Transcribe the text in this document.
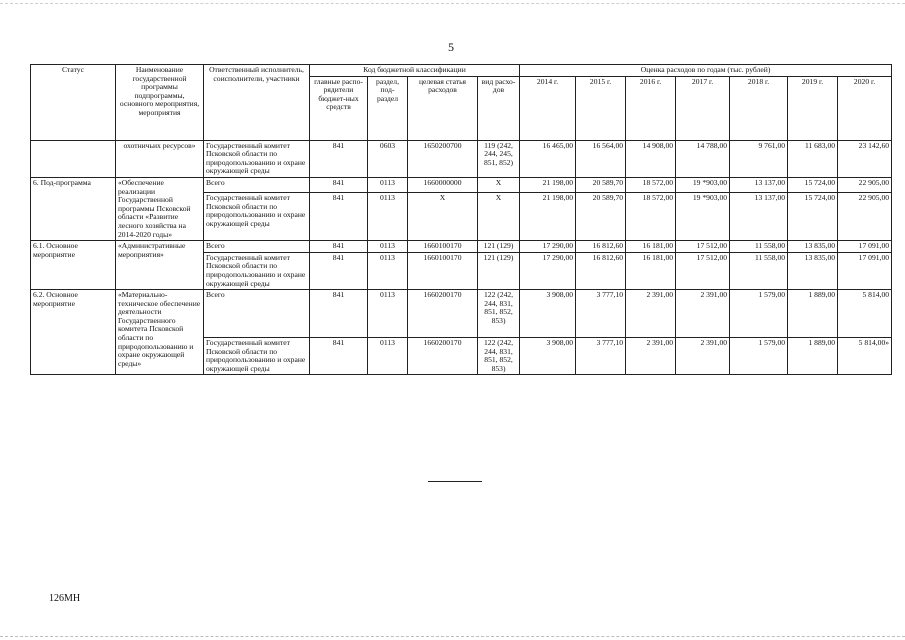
5
Статус	Наименование государственной программы подпрограммы, основного мероприятия, мероприятия	Ответственный исполнитель, соисполнители, участники	Код бюджетной классификации				Оценка расходов по годам (тыс. рублей)						
			главные распо-рядители бюджет-ных средств	раздел, под-раздел	целевая статья расходов	вид расхо-дов	2014 г.	2015 г.	2016 г.	2017 г.	2018 г.	2019 г.	2020 г.
	охотничьих ресурсов»	Государственный комитет Псковской области по природопользованию и охране окружающей среды	841	0603	1650200700	119 (242, 244, 245, 851, 852)	16 465,00	16 564,00	14 908,00	14 788,00	9 761,00	11 683,00	23 142,60
6. Под-программа	«Обеспечение реализации Государственной программы Псковской области «Развитие лесного хозяйства на 2014-2020 годы»	Всего	841	0113	1660000000	Х	21 198,00	20 589,70	18 572,00	19 *903,00	13 137,00	15 724,00	22 905,00
		Государственный комитет Псковской области по природопользованию и охране окружающей среды	841	0113	Х	Х	21 198,00	20 589,70	18 572,00	19 *903,00	13 137,00	15 724,00	22 905,00
6.1. Основное мероприятие	«Административные мероприятия»	Всего	841	0113	1660100170	121 (129)	17 290,00	16 812,60	16 181,00	17 512,00	11 558,00	13 835,00	17 091,00
		Государственный комитет Псковской области по природопользованию и охране окружающей среды	841	0113	1660100170	121 (129)	17 290,00	16 812,60	16 181,00	17 512,00	11 558,00	13 835,00	17 091,00
6.2. Основное мероприятие	«Материально-техническое обеспечение деятельности Государственного комитета Псковской области по природопользованию и охране окружающей среды»	Всего	841	0113	1660200170	122 (242, 244, 831, 851, 852, 853)	3 908,00	3 777,10	2 391,00	2 391,00	1 579,00	1 889,00	5 814,00
		Государственный комитет Псковской области по природопользованию и охране окружающей среды	841	0113	1660200170	122 (242, 244, 831, 851, 852, 853)	3 908,00	3 777,10	2 391,00	2 391,00	1 579,00	1 889,00	5 814,00»
126МН
